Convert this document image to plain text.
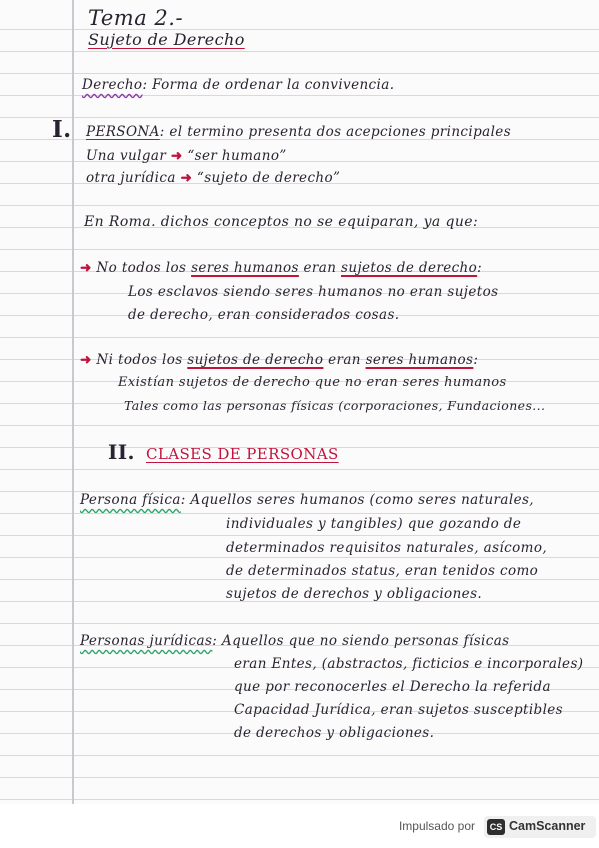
Tema 2.-
Sujeto de Derecho
Derecho: Forma de ordenar la convivencia.
I. PERSONA: el termino presenta dos acepciones principales
Una vulgar ➜ “ser humano”
otra jurídica ➜ “sujeto de derecho”
En Roma. dichos conceptos no se equiparan, ya que:
➜ No todos los seres humanos eran sujetos de derecho:
Los esclavos siendo seres humanos no eran sujetos
de derecho, eran considerados cosas.
➜ Ni todos los sujetos de derecho eran seres humanos:
Existían sujetos de derecho que no eran seres humanos
Tales como las personas físicas (corporaciones, Fundaciones...
II. CLASES DE PERSONAS
Persona física: Aquellos seres humanos (como seres naturales,
individuales y tangibles) que gozando de
determinados requisitos naturales, asícomo,
de determinados status, eran tenidos como
sujetos de derechos y obligaciones.
Personas jurídicas: Aquellos que no siendo personas físicas
eran Entes, (abstractos, ficticios e incorporales)
que por reconocerles el Derecho la referida
Capacidad Jurídica, eran sujetos susceptibles
de derechos y obligaciones.
Impulsado por	CS CamScanner
